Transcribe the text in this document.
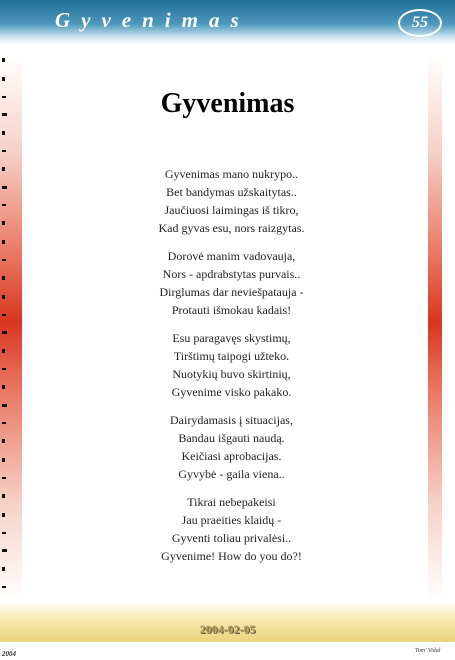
Gyvenimas	55
Gyvenimas
Gyvenimas mano nukrypo..
Bet bandymas užskaitytas..
Jaučiuosi laimingas iš tikro,
Kad gyvas esu, nors raizgytas.
Dorovė manim vadovauja,
Nors - apdrabstytas purvais..
Dirglumas dar neviešpatauja -
Protauti išmokau kadais!
Esu paragavęs skystimų,
Tirštimų taipogi užteko.
Nuotykių buvo skirtinių,
Gyvenime visko pakako.
Dairydamasis į situacijas,
Bandau išgauti naudą.
Keičiasi aprobacijas.
Gyvybė - gaila viena..
Tikrai nebepakeisi
Jau praeities klaidų -
Gyventi toliau privalėsi..
Gyvenime! How do you do?!
2004-02-05
2004	Tom' Vidal
